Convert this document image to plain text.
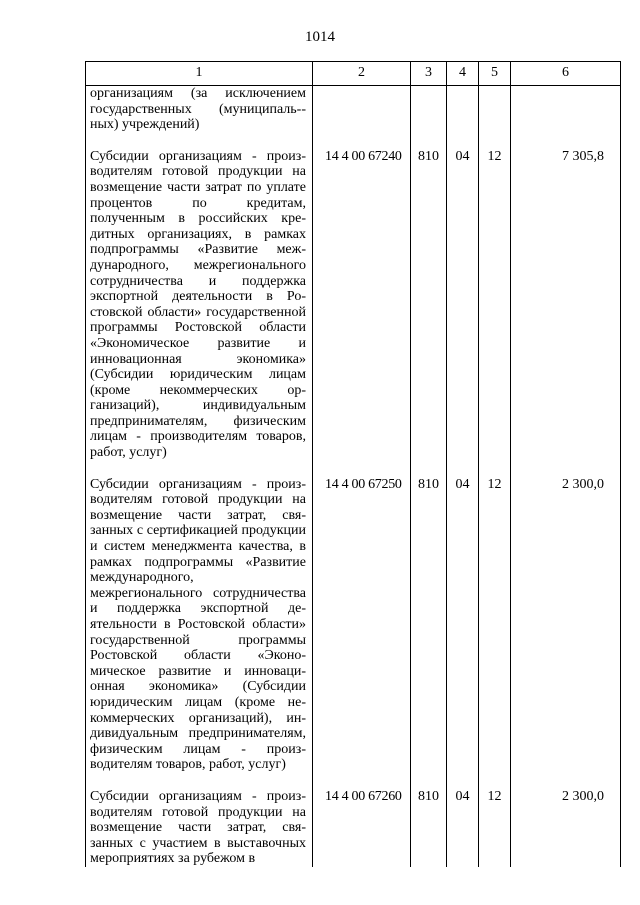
1014
1	2	3	4	5	6
организациям (за исключением государственных (муниципаль-ных) учреждений)					
Субсидии организациям - производителям готовой продукции на возмещение части затрат по уплате процентов по кредитам, полученным в российских кредитных организациях, в рамках подпрограммы «Развитие международного, межрегионального сотрудничества и поддержка экспортной деятельности в Ростовской области» государственной программы Ростовской области «Экономическое развитие и инновационная экономика» (Субсидии юридическим лицам (кроме некоммерческих организаций), индивидуальным предпринимателям, физическим лицам - производителям товаров, работ, услуг)	14 4 00 67240	810	04	12	7 305,8
Субсидии организациям - производителям готовой продукции на возмещение части затрат, связанных с сертификацией продукции и систем менеджмента качества, в рамках подпрограммы «Развитие международного, межрегионального сотрудничества и поддержка экспортной деятельности в Ростовской области» государственной программы Ростовской области «Экономическое развитие и инновационная экономика» (Субсидии юридическим лицам (кроме некоммерческих организаций), индивидуальным предпринимателям, физическим лицам - производителям товаров, работ, услуг)	14 4 00 67250	810	04	12	2 300,0
Субсидии организациям - производителям готовой продукции на возмещение части затрат, связанных с участием в выставочных мероприятиях за рубежом в	14 4 00 67260	810	04	12	2 300,0
